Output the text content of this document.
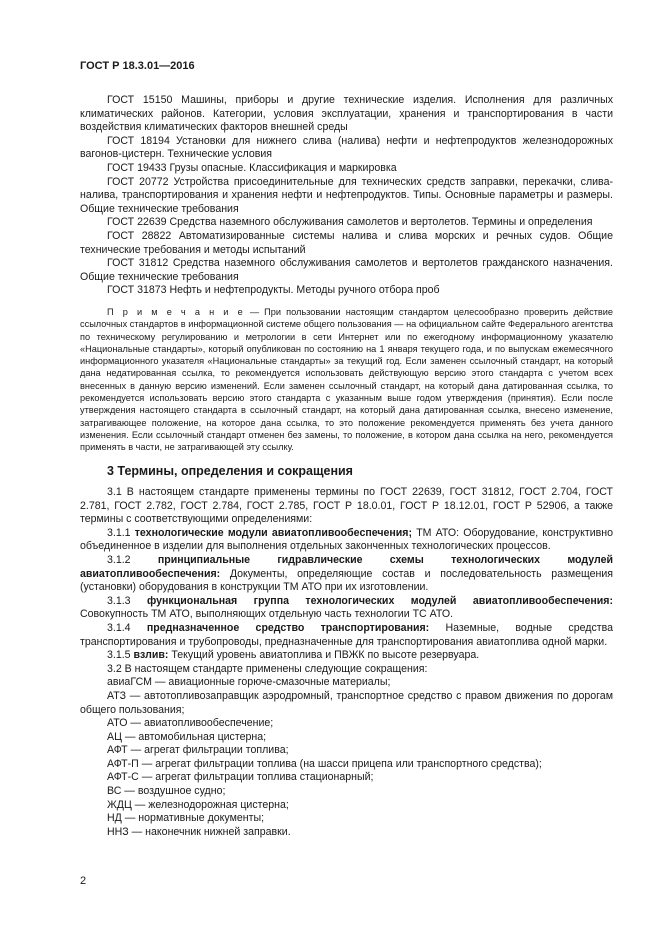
ГОСТ Р 18.3.01—2016

ГОСТ 15150 Машины, приборы и другие технические изделия. Исполнения для различных климатических районов. Категории, условия эксплуатации, хранения и транспортирования в части воздействия климатических факторов внешней среды

ГОСТ 18194 Установки для нижнего слива (налива) нефти и нефтепродуктов железнодорожных вагонов-цистерн. Технические условия

ГОСТ 19433 Грузы опасные. Классификация и маркировка

ГОСТ 20772 Устройства присоединительные для технических средств заправки, перекачки, слива-налива, транспортирования и хранения нефти и нефтепродуктов. Типы. Основные параметры и размеры. Общие технические требования

ГОСТ 22639 Средства наземного обслуживания самолетов и вертолетов. Термины и определения

ГОСТ 28822 Автоматизированные системы налива и слива морских и речных судов. Общие технические требования и методы испытаний

ГОСТ 31812 Средства наземного обслуживания самолетов и вертолетов гражданского назначения. Общие технические требования

ГОСТ 31873 Нефть и нефтепродукты. Методы ручного отбора проб

П р и м е ч а н и е — При пользовании настоящим стандартом целесообразно проверить действие ссылочных стандартов в информационной системе общего пользования — на официальном сайте Федерального агентства по техническому регулированию и метрологии в сети Интернет или по ежегодному информационному указателю «Национальные стандарты», который опубликован по состоянию на 1 января текущего года, и по выпускам ежемесячного информационного указателя «Национальные стандарты» за текущий год. Если заменен ссылочный стандарт, на который дана недатированная ссылка, то рекомендуется использовать действующую версию этого стандарта с учетом всех внесенных в данную версию изменений. Если заменен ссылочный стандарт, на который дана датированная ссылка, то рекомендуется использовать версию этого стандарта с указанным выше годом утверждения (принятия). Если после утверждения настоящего стандарта в ссылочный стандарт, на который дана датированная ссылка, внесено изменение, затрагивающее положение, на которое дана ссылка, то это положение рекомендуется применять без учета данного изменения. Если ссылочный стандарт отменен без замены, то положение, в котором дана ссылка на него, рекомендуется применять в части, не затрагивающей эту ссылку.

3 Термины, определения и сокращения

3.1 В настоящем стандарте применены термины по ГОСТ 22639, ГОСТ 31812, ГОСТ 2.704, ГОСТ 2.781, ГОСТ 2.782, ГОСТ 2.784, ГОСТ 2.785, ГОСТ Р 18.0.01, ГОСТ Р 18.12.01, ГОСТ Р 52906, а также термины с соответствующими определениями:

3.1.1 технологические модули авиатопливообеспечения; ТМ АТО: Оборудование, конструктивно объединенное в изделии для выполнения отдельных законченных технологических процессов.

3.1.2 принципиальные гидравлические схемы технологических модулей авиатопливообеспечения: Документы, определяющие состав и последовательность размещения (установки) оборудования в конструкции ТМ АТО при их изготовлении.

3.1.3 функциональная группа технологических модулей авиатопливообеспечения: Совокупность ТМ АТО, выполняющих отдельную часть технологии ТС АТО.

3.1.4 предназначенное средство транспортирования: Наземные, водные средства транспортирования и трубопроводы, предназначенные для транспортирования авиатоплива одной марки.

3.1.5 взлив: Текущий уровень авиатоплива и ПВЖК по высоте резервуара.

3.2 В настоящем стандарте применены следующие сокращения:

авиаГСМ — авиационные горюче-смазочные материалы;

АТЗ — автотопливозаправщик аэродромный, транспортное средство с правом движения по дорогам общего пользования;

АТО — авиатопливообеспечение;

АЦ — автомобильная цистерна;

АФТ — агрегат фильтрации топлива;

АФТ-П — агрегат фильтрации топлива (на шасси прицепа или транспортного средства);

АФТ-С — агрегат фильтрации топлива стационарный;

ВС — воздушное судно;

ЖДЦ — железнодорожная цистерна;

НД — нормативные документы;

ННЗ — наконечник нижней заправки.

2
